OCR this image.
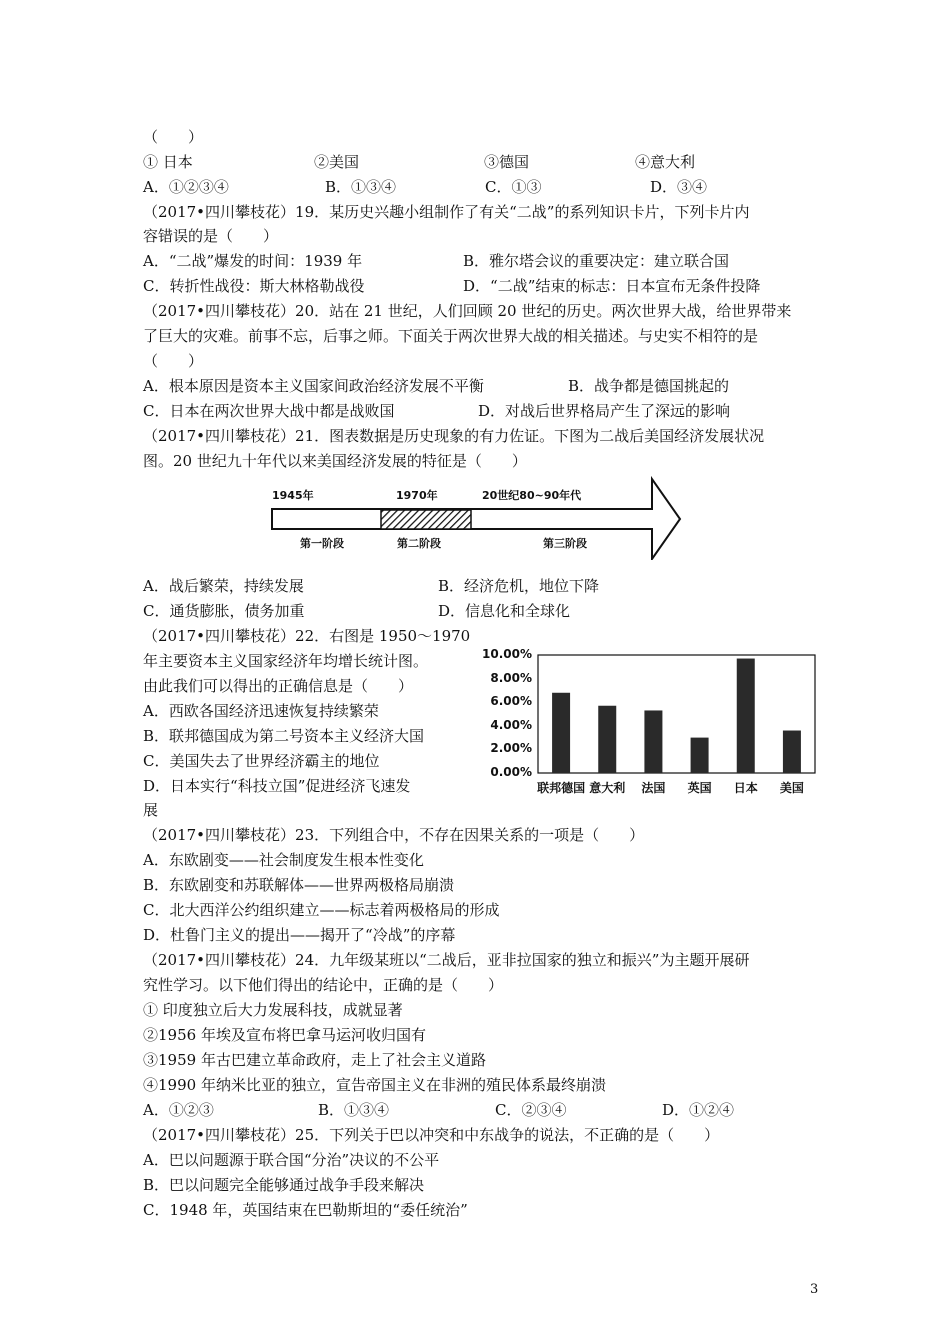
（　　）
① 日本	②美国	③德国	④意大利
A．①②③④	B．①③④	C．①③	D．③④
（2017•四川攀枝花）19．某历史兴趣小组制作了有关“二战”的系列知识卡片，下列卡片内
容错误的是（　　）
A．“二战”爆发的时间：1939 年	B．雅尔塔会议的重要决定：建立联合国
C．转折性战役：斯大林格勒战役	D．“二战”结束的标志：日本宣布无条件投降
（2017•四川攀枝花）20．站在 21 世纪，人们回顾 20 世纪的历史。两次世界大战，给世界带来
了巨大的灾难。前事不忘，后事之师。下面关于两次世界大战的相关描述。与史实不相符的是
（　　）
A．根本原因是资本主义国家间政治经济发展不平衡	B．战争都是德国挑起的
C．日本在两次世界大战中都是战败国	D．对战后世界格局产生了深远的影响
（2017•四川攀枝花）21．图表数据是历史现象的有力佐证。下图为二战后美国经济发展状况
图。20 世纪九十年代以来美国经济发展的特征是（　　）
1945年	1970年	20世纪80~90年代
第一阶段	第二阶段	第三阶段
A．战后繁荣，持续发展	B．经济危机，地位下降
C．通货膨胀，债务加重	D．信息化和全球化
（2017•四川攀枝花）22．右图是 1950～1970
年主要资本主义国家经济年均增长统计图。
由此我们可以得出的正确信息是（　　）
A．西欧各国经济迅速恢复持续繁荣
B．联邦德国成为第二号资本主义经济大国
C．美国失去了世界经济霸主的地位
D．日本实行“科技立国”促进经济飞速发
展
10.00%
8.00%
6.00%
4.00%
2.00%
0.00%
联邦德国 意大利	法国	英国	日本	美国
（2017•四川攀枝花）23．下列组合中，不存在因果关系的一项是（　　）
A．东欧剧变——社会制度发生根本性变化
B．东欧剧变和苏联解体——世界两极格局崩溃
C．北大西洋公约组织建立——标志着两极格局的形成
D．杜鲁门主义的提出——揭开了“冷战”的序幕
（2017•四川攀枝花）24．九年级某班以“二战后，亚非拉国家的独立和振兴”为主题开展研
究性学习。以下他们得出的结论中，正确的是（　　）
① 印度独立后大力发展科技，成就显著
②1956 年埃及宣布将巴拿马运河收归国有
③1959 年古巴建立革命政府，走上了社会主义道路
④1990 年纳米比亚的独立，宣告帝国主义在非洲的殖民体系最终崩溃
A．①②③	B．①③④	C．②③④	D．①②④
（2017•四川攀枝花）25．下列关于巴以冲突和中东战争的说法，不正确的是（　　）
A．巴以问题源于联合国“分治”决议的不公平
B．巴以问题完全能够通过战争手段来解决
C．1948 年，英国结束在巴勒斯坦的“委任统治”
3
